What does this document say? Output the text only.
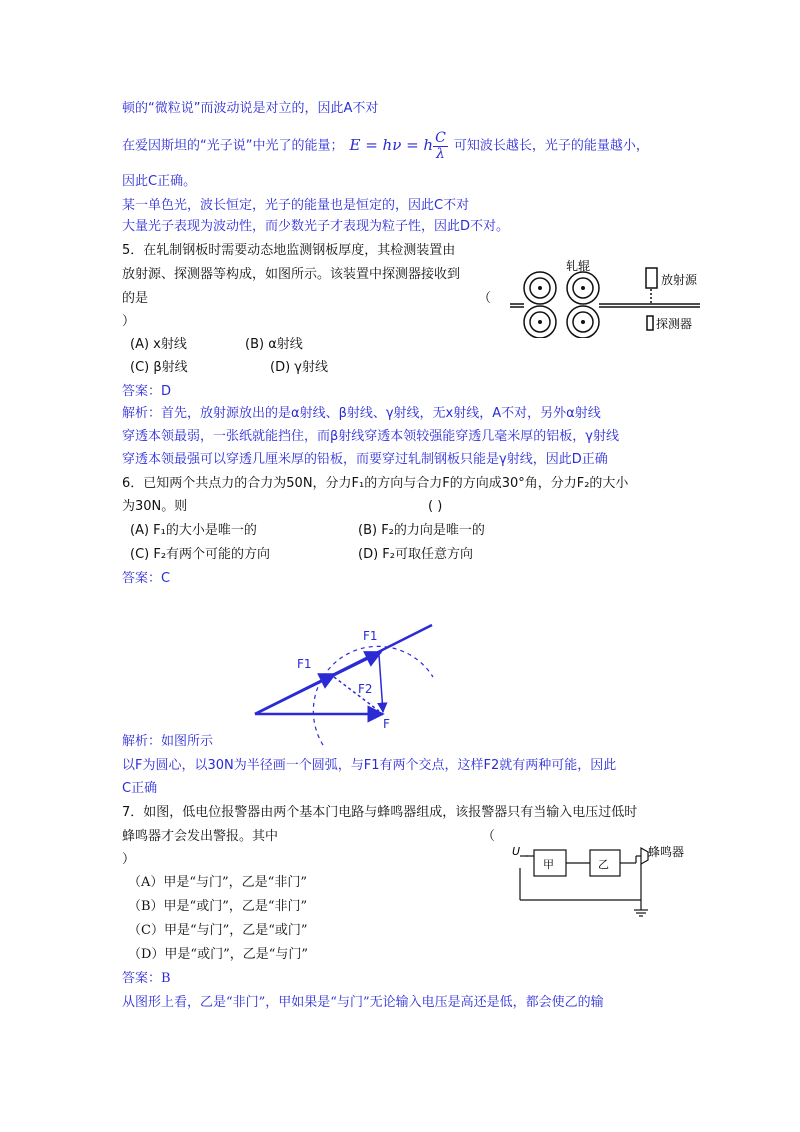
顿的“微粒说”而波动说是对立的，因此A不对
在爱因斯坦的“光子说”中光了的能量； E = hν = h $\frac{C}{\lambda}$ 可知波长越长，光子的能量越小，
因此C正确。
某一单色光，波长恒定，光子的能量也是恒定的，因此C不对
大量光子表现为波动性，而少数光子才表现为粒子性，因此D不对。
5．在轧制钢板时需要动态地监测钢板厚度，其检测装置由
放射源、探测器等构成，如图所示。该装置中探测器接收到
的是	（
）
轧辊
放射源
探测器
(A) x射线	(B) α射线
(C) β射线	(D) γ射线
答案：D
解析：首先，放射源放出的是α射线、β射线、γ射线，无x射线，A不对，另外α射线
穿透本领最弱，一张纸就能挡住，而β射线穿透本领较强能穿透几毫米厚的铝板，γ射线
穿透本领最强可以穿透几厘米厚的铅板，而要穿过轧制钢板只能是γ射线，因此D正确
6．已知两个共点力的合力为50N，分力F₁的方向与合力F的方向成30°角，分力F₂的大小
为30N。则	( )
(A) F₁的大小是唯一的	(B) F₂的力向是唯一的
(C) F₂有两个可能的方向	(D) F₂可取任意方向
答案：C
F1
F1
F2
F
解析：如图所示
以F为圆心，以30N为半径画一个圆弧，与F1有两个交点，这样F2就有两种可能，因此
C正确
7．如图，低电位报警器由两个基本门电路与蜂鸣器组成，该报警器只有当输入电压过低时
蜂鸣器才会发出警报。其中	（
）
U
甲	乙
蜂鸣器
（A）甲是“与门”，乙是“非门”
（B）甲是“或门”，乙是“非门”
（C）甲是“与门”，乙是“或门”
（D）甲是“或门”，乙是“与门”
答案：B
从图形上看，乙是“非门”，甲如果是“与门”无论输入电压是高还是低，都会使乙的输
